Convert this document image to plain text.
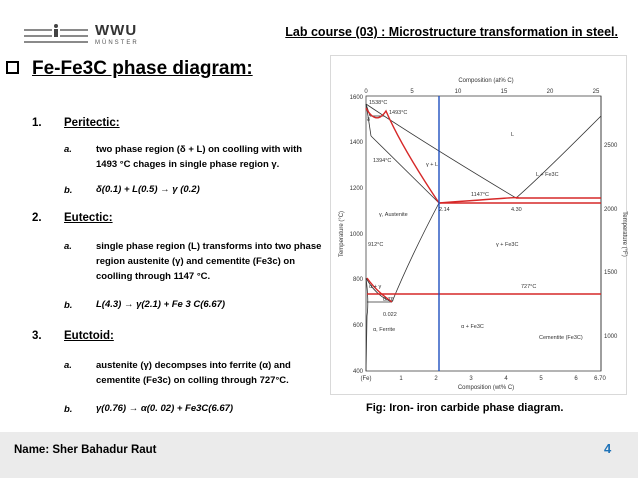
WWU
MÜNSTER
Lab course (03) : Microstructure transformation in steel.
Fe-Fe3C phase diagram:
1. Peritectic:
a.	two phase region (δ + L) on coolling with with 1493 °C chages in single phase region γ.
b. δ(0.1) + L(0.5) → γ (0.2)
2. Eutectic:
a.	single phase region (L) transforms into two phase region austenite (γ) and cementite (Fe3c) on coolling through 1147 °C.
b. L(4.3) → γ(2.1) + Fe 3 C(6.67)
3. Eutctoid:
a.	austenite (γ) decompses into ferrite (α) and cementite (Fe3c) on colling through 727°C.
b. γ(0.76) → α(0. 02) + Fe3C(6.67)
0	5	10	15	20	25
Composition (at% C)
(Fe)	1	2	3	4	5	6	6.70
Composition (wt% C)
400
600
800
1000
1200
1400
1600
Temperature (°C)
1000
1500
2000
2500
Temperature (°F)
1538°C
1493°C
1394°C
1147°C
912°C
727°C
2.14	4.30
0.76
0.022
δ
L
γ + L
γ, Austenite
γ + Fe3C
α + γ
α, Ferrite	α + Fe3C
Cementite (Fe3C)
L + Fe3C
Fig: Iron- iron carbide phase diagram.
Name: Sher Bahadur Raut	4
